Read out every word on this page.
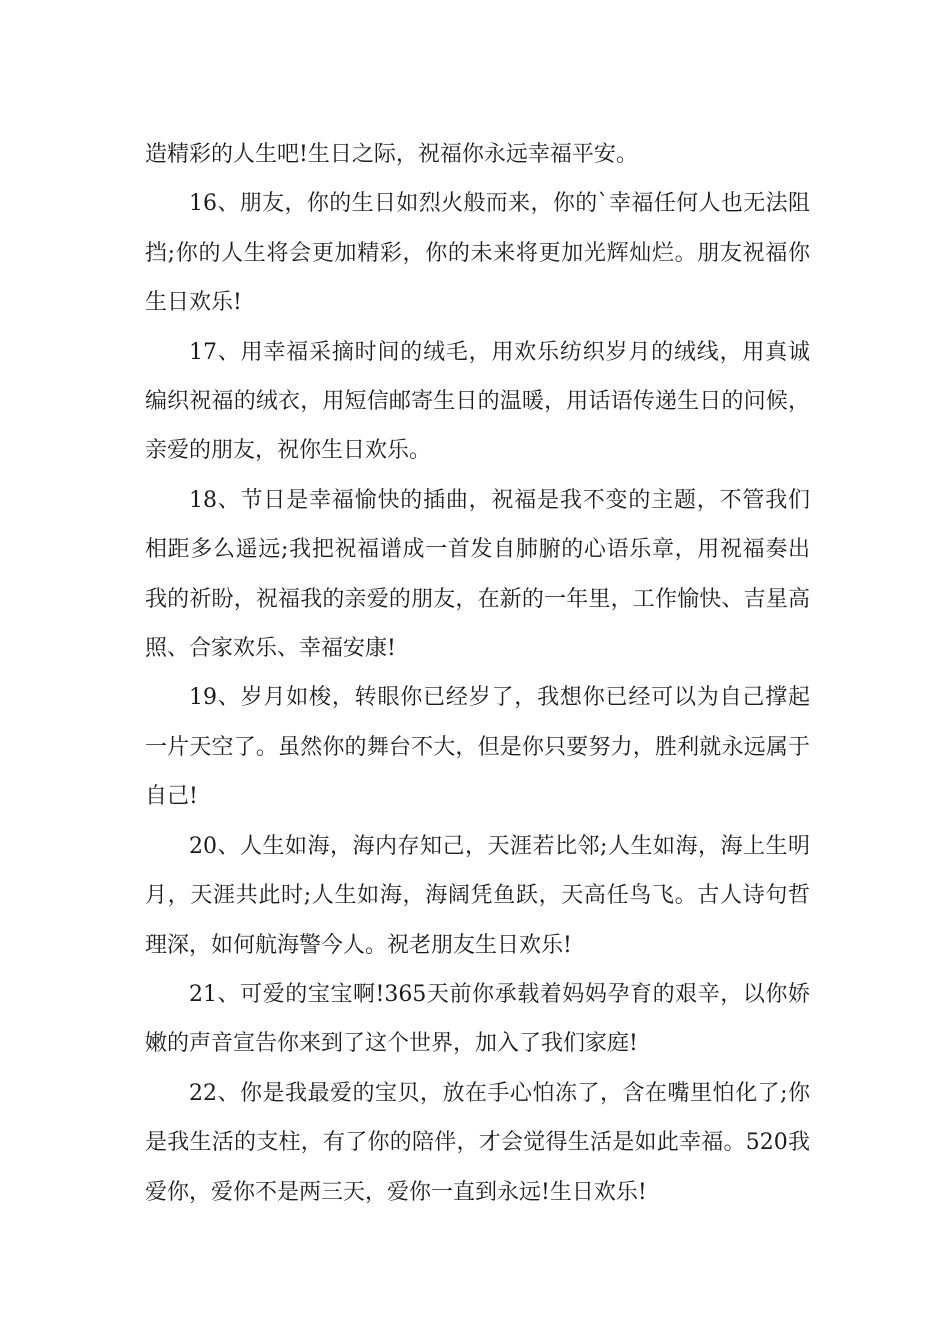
造精彩的人生吧!生日之际，祝福你永远幸福平安。

16、朋友，你的生日如烈火般而来，你的`幸福任何人也无法阻挡;你的人生将会更加精彩，你的未来将更加光辉灿烂。朋友祝福你生日欢乐!

17、用幸福采摘时间的绒毛，用欢乐纺织岁月的绒线，用真诚编织祝福的绒衣，用短信邮寄生日的温暖，用话语传递生日的问候，亲爱的朋友，祝你生日欢乐。

18、节日是幸福愉快的插曲，祝福是我不变的主题，不管我们相距多么遥远;我把祝福谱成一首发自肺腑的心语乐章，用祝福奏出我的祈盼，祝福我的亲爱的朋友，在新的一年里，工作愉快、吉星高照、合家欢乐、幸福安康!

19、岁月如梭，转眼你已经岁了，我想你已经可以为自己撑起一片天空了。虽然你的舞台不大，但是你只要努力，胜利就永远属于自己!

20、人生如海，海内存知己，天涯若比邻;人生如海，海上生明月，天涯共此时;人生如海，海阔凭鱼跃，天高任鸟飞。古人诗句哲理深，如何航海警今人。祝老朋友生日欢乐!

21、可爱的宝宝啊!365天前你承载着妈妈孕育的艰辛，以你娇嫩的声音宣告你来到了这个世界，加入了我们家庭!

22、你是我最爱的宝贝，放在手心怕冻了，含在嘴里怕化了;你是我生活的支柱，有了你的陪伴，才会觉得生活是如此幸福。520我爱你，爱你不是两三天，爱你一直到永远!生日欢乐!
